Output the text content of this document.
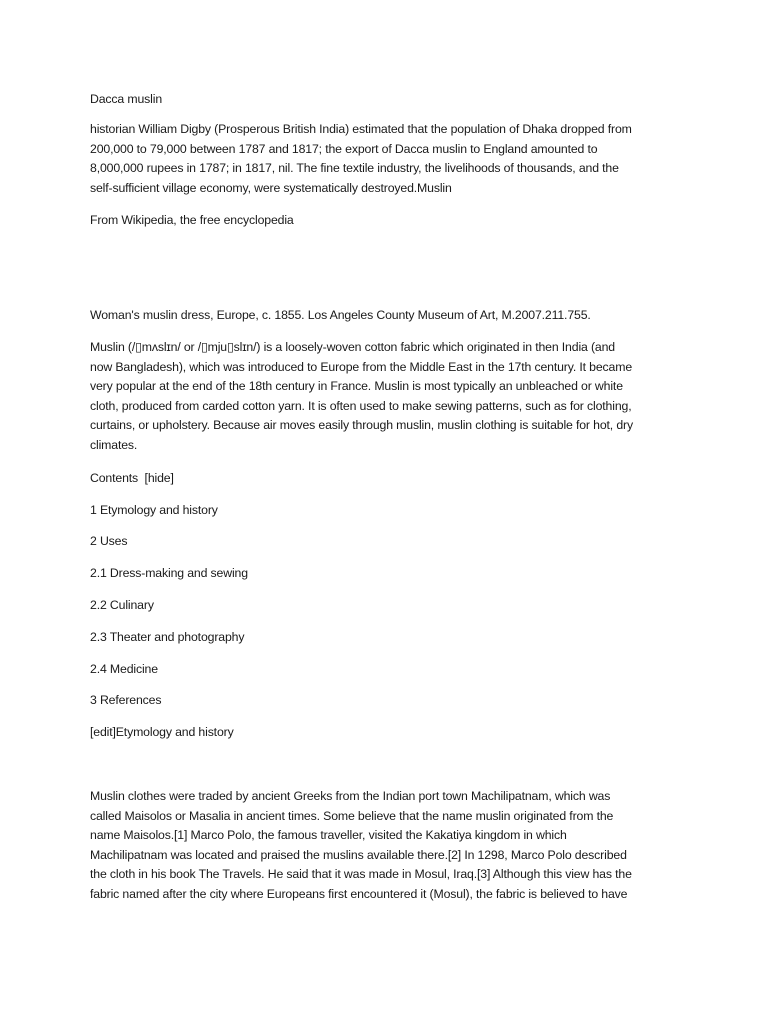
Dacca muslin
historian William Digby (Prosperous British India) estimated that the population of Dhaka dropped from
200,000 to 79,000 between 1787 and 1817; the export of Dacca muslin to England amounted to
8,000,000 rupees in 1787; in 1817, nil. The fine textile industry, the livelihoods of thousands, and the
self-sufficient village economy, were systematically destroyed.Muslin
From Wikipedia, the free encyclopedia
Woman's muslin dress, Europe, c. 1855. Los Angeles County Museum of Art, M.2007.211.755.
Muslin (/▯mʌslɪn/ or /▯mju▯slɪn/) is a loosely-woven cotton fabric which originated in then India (and
now Bangladesh), which was introduced to Europe from the Middle East in the 17th century. It became
very popular at the end of the 18th century in France. Muslin is most typically an unbleached or white
cloth, produced from carded cotton yarn. It is often used to make sewing patterns, such as for clothing,
curtains, or upholstery. Because air moves easily through muslin, muslin clothing is suitable for hot, dry
climates.
Contents  [hide]
1 Etymology and history
2 Uses
2.1 Dress-making and sewing
2.2 Culinary
2.3 Theater and photography
2.4 Medicine
3 References
[edit]Etymology and history
Muslin clothes were traded by ancient Greeks from the Indian port town Machilipatnam, which was
called Maisolos or Masalia in ancient times. Some believe that the name muslin originated from the
name Maisolos.[1] Marco Polo, the famous traveller, visited the Kakatiya kingdom in which
Machilipatnam was located and praised the muslins available there.[2] In 1298, Marco Polo described
the cloth in his book The Travels. He said that it was made in Mosul, Iraq.[3] Although this view has the
fabric named after the city where Europeans first encountered it (Mosul), the fabric is believed to have
